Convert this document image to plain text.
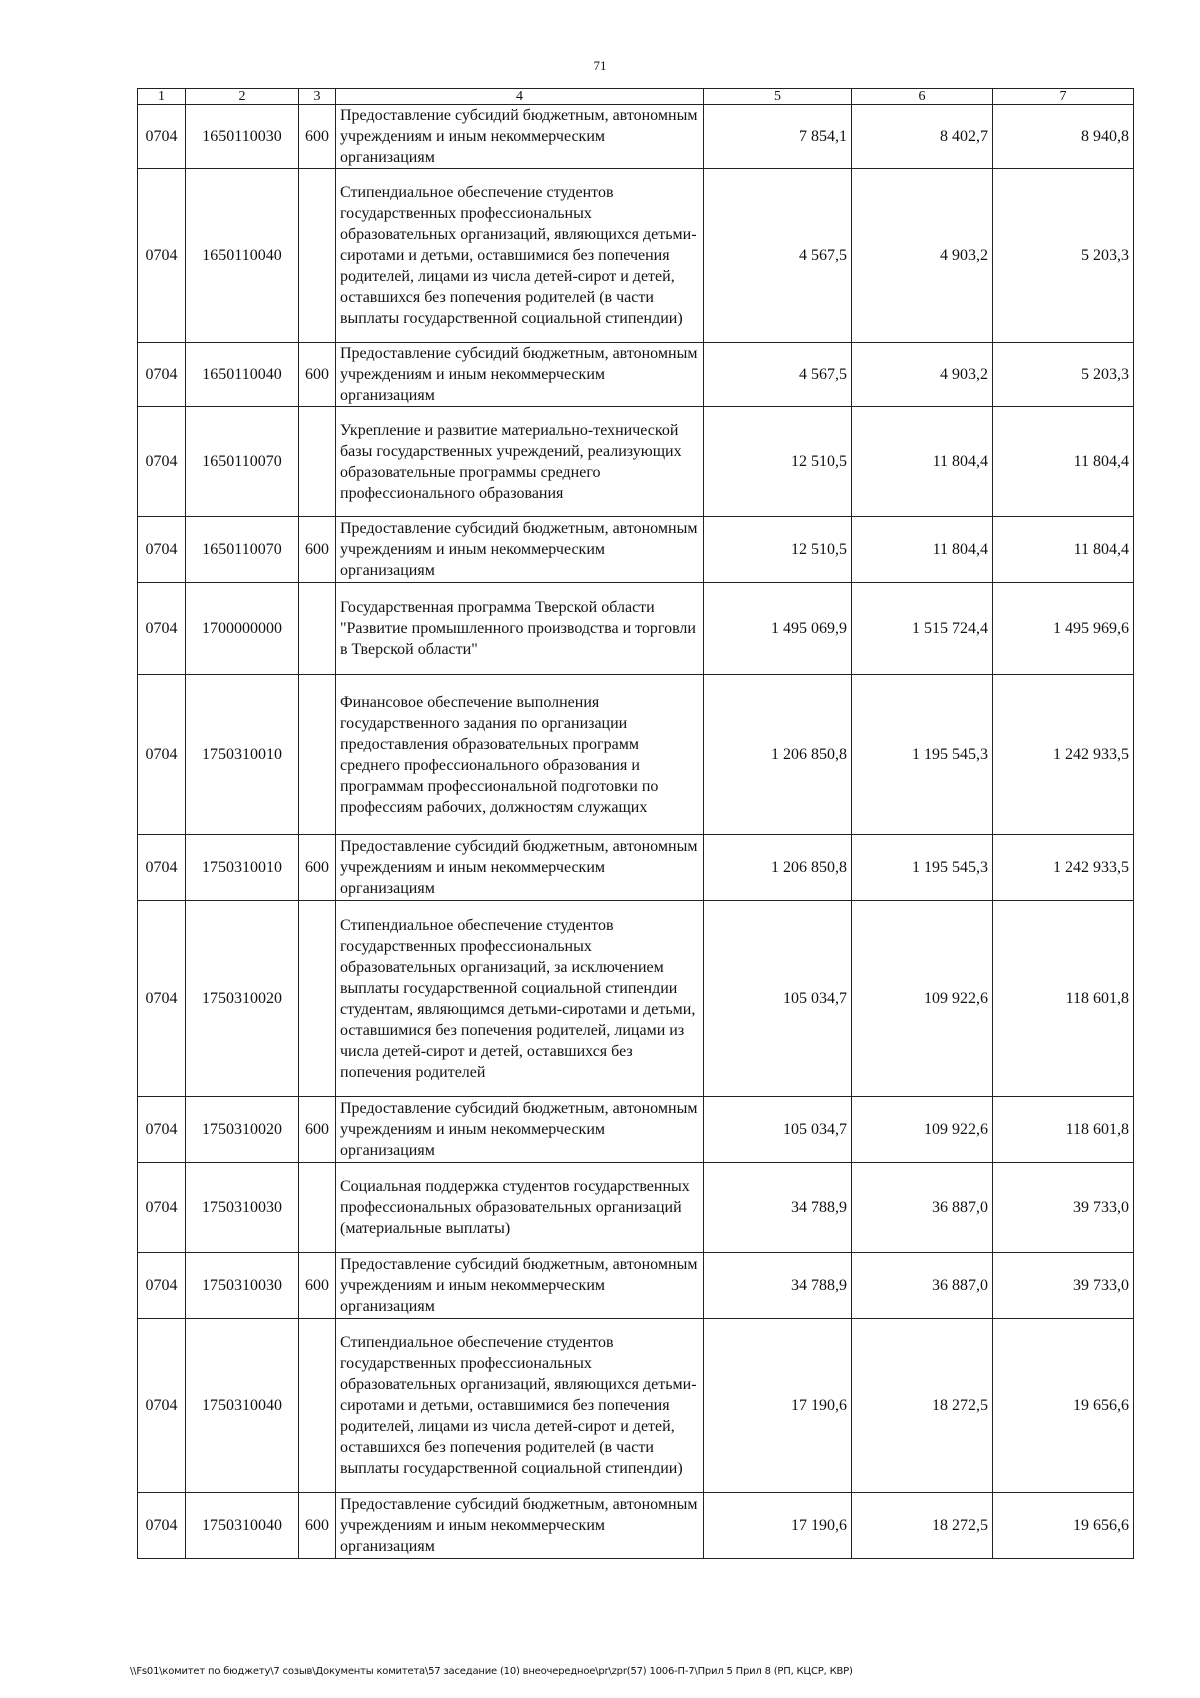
71
1	2	3	4	5	6	7
0704	1650110030	600	Предоставление субсидий бюджетным, автономным учреждениям и иным некоммерческим организациям	7 854,1	8 402,7	8 940,8
0704	1650110040		Стипендиальное обеспечение студентов государственных профессиональных образовательных организаций, являющихся детьми-сиротами и детьми, оставшимися без попечения родителей, лицами из числа детей-сирот и детей, оставшихся без попечения родителей (в части выплаты государственной социальной стипендии)	4 567,5	4 903,2	5 203,3
0704	1650110040	600	Предоставление субсидий бюджетным, автономным учреждениям и иным некоммерческим организациям	4 567,5	4 903,2	5 203,3
0704	1650110070		Укрепление и развитие материально-технической базы государственных учреждений, реализующих образовательные программы среднего профессионального образования	12 510,5	11 804,4	11 804,4
0704	1650110070	600	Предоставление субсидий бюджетным, автономным учреждениям и иным некоммерческим организациям	12 510,5	11 804,4	11 804,4
0704	1700000000		Государственная программа Тверской области "Развитие промышленного производства и торговли в Тверской области"	1 495 069,9	1 515 724,4	1 495 969,6
0704	1750310010		Финансовое обеспечение выполнения государственного задания по организации предоставления образовательных программ среднего профессионального образования и программам профессиональной подготовки по профессиям рабочих, должностям служащих	1 206 850,8	1 195 545,3	1 242 933,5
0704	1750310010	600	Предоставление субсидий бюджетным, автономным учреждениям и иным некоммерческим организациям	1 206 850,8	1 195 545,3	1 242 933,5
0704	1750310020		Стипендиальное обеспечение студентов государственных профессиональных образовательных организаций, за исключением выплаты государственной социальной стипендии студентам, являющимся детьми-сиротами и детьми, оставшимися без попечения родителей, лицами из числа детей-сирот и детей, оставшихся без попечения родителей	105 034,7	109 922,6	118 601,8
0704	1750310020	600	Предоставление субсидий бюджетным, автономным учреждениям и иным некоммерческим организациям	105 034,7	109 922,6	118 601,8
0704	1750310030		Социальная поддержка студентов государственных профессиональных образовательных организаций (материальные выплаты)	34 788,9	36 887,0	39 733,0
0704	1750310030	600	Предоставление субсидий бюджетным, автономным учреждениям и иным некоммерческим организациям	34 788,9	36 887,0	39 733,0
0704	1750310040		Стипендиальное обеспечение студентов государственных профессиональных образовательных организаций, являющихся детьми-сиротами и детьми, оставшимися без попечения родителей, лицами из числа детей-сирот и детей, оставшихся без попечения родителей (в части выплаты государственной социальной стипендии)	17 190,6	18 272,5	19 656,6
0704	1750310040	600	Предоставление субсидий бюджетным, автономным учреждениям и иным некоммерческим организациям	17 190,6	18 272,5	19 656,6
\\Fs01\комитет по бюджету\7 созыв\Документы комитета\57 заседание (10) внеочередное\pr\zpr(57) 1006-П-7\Прил 5 Прил 8 (РП, КЦСР, КВР)
